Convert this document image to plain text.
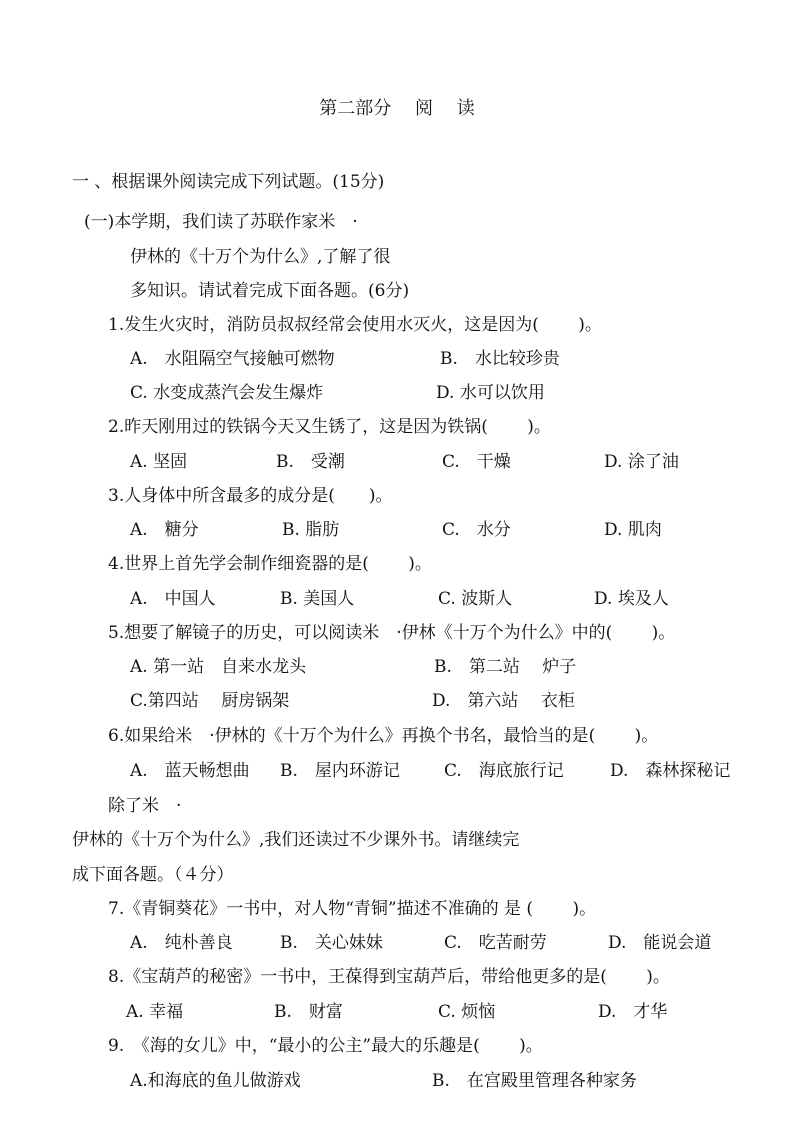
第二部分　 阅　 读
一 、根据课外阅读完成下列试题。(15分)
(一)本学期，我们读了苏联作家米　·
伊林的《十万个为什么》,了解了很
多知识。请试着完成下面各题。(6分)
1.发生火灾时，消防员叔叔经常会使用水灭火，这是因为(　　 )。
A.　水阻隔空气接触可燃物	B.　水比较珍贵
C. 水变成蒸汽会发生爆炸	D. 水可以饮用
2.昨天刚用过的铁锅今天又生锈了，这是因为铁锅(　　 )。
A. 坚固	B.　受潮	C.　干燥	D. 涂了油
3.人身体中所含最多的成分是(　　)。
A.　糖分	B. 脂肪	C.　水分	D. 肌肉
4.世界上首先学会制作细瓷器的是(　　 )。
A.　中国人	B. 美国人	C. 波斯人	D. 埃及人
5.想要了解镜子的历史，可以阅读米　·伊林《十万个为什么》中的(　　 )。
A. 第一站　自来水龙头	B.　第二站　 炉子
C.第四站　 厨房锅架	D.　第六站　 衣柜
6.如果给米　·伊林的《十万个为什么》再换个书名，最恰当的是(　　 )。
A.　蓝天畅想曲 B.　屋内环游记	C.　海底旅行记	D.　森林探秘记
除了米　·
伊林的《十万个为什么》,我们还读过不少课外书。请继续完
成下面各题。（４分）
7.《青铜葵花》一书中，对人物“青铜”描述不准确的 是 (　　 )。
A.　纯朴善良	B.　关心妹妹	C.　吃苦耐劳	D.　能说会道
8.《宝葫芦的秘密》一书中，王葆得到宝葫芦后，带给他更多的是(　　 )。
A. 幸福	B.　财富	C. 烦恼	D.　才华
9.　《海的女儿》中，“最小的公主”最大的乐趣是(　　 )。
A.和海底的鱼儿做游戏	B.　在宫殿里管理各种家务
